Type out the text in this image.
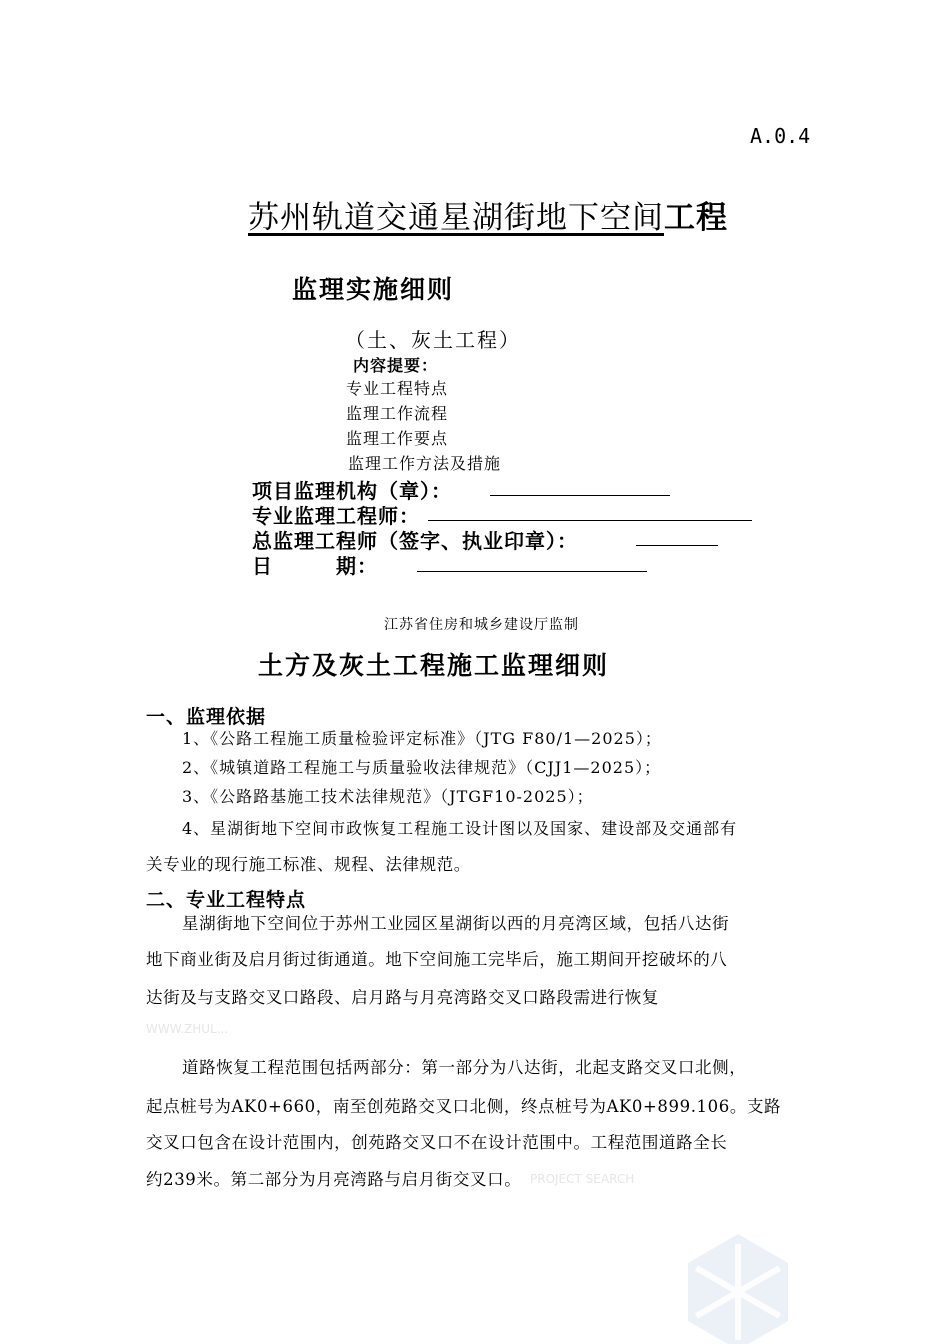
A.0.4
苏州轨道交通星湖街地下空间工程
监理实施细则
（土、灰土工程）
内容提要：
专业工程特点
监理工作流程
监理工作要点
监理工作方法及措施
项目监理机构（章）：
专业监理工程师：
总监理工程师（签字、执业印章）：
日　　　期：
江苏省住房和城乡建设厅监制
土方及灰土工程施工监理细则
一、监理依据
1、《公路工程施工质量检验评定标准》（JTG F80/1—2025）；
2、《城镇道路工程施工与质量验收法律规范》（CJJ1—2025）；
3、《公路路基施工技术法律规范》（JTGF10-2025）；
4、星湖街地下空间市政恢复工程施工设计图以及国家、建设部及交通部有
关专业的现行施工标准、规程、法律规范。
二、专业工程特点
星湖街地下空间位于苏州工业园区星湖街以西的月亮湾区域，包括八达街
地下商业街及启月街过街通道。地下空间施工完毕后，施工期间开挖破坏的八
达街及与支路交叉口路段、启月路与月亮湾路交叉口路段需进行恢复
WWW.ZHUL...
道路恢复工程范围包括两部分：第一部分为八达街，北起支路交叉口北侧，
起点桩号为AK0+660，南至创苑路交叉口北侧，终点桩号为AK0+899.106。支路
交叉口包含在设计范围内，创苑路交叉口不在设计范围中。工程范围道路全长
约239米。第二部分为月亮湾路与启月街交叉口。 PROJECT SEARCH
